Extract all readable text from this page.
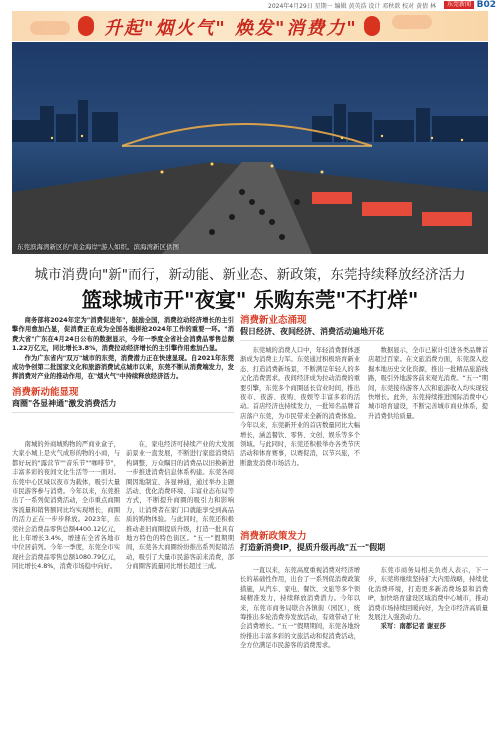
2024年4月29日 星期一 编辑 黄英浩 设计 邓秋歆 校对 黄倩 林	东莞新闻 B02
升起"烟火气" 焕发"消费力"
东莞滨海湾新区的"黄金海岸"游人如织。滨海湾新区供图
城市消费向"新"而行，新动能、新业态、新政策，东莞持续释放经济活力
篮球城市开"夜宴" 乐购东莞"不打烊"

商务部将2024年定为"消费促进年"，鼓励全国，消费拉动经济增长的主引擎作用愈加凸显，促消费正在成为全国各地拼抢2024年工作的重要一环。"消费大省"广东在4月24日公布的数据显示，今年一季度全省社会消费品零售总额1.22万亿元，同比增长3.8%，消费拉动经济增长的主引擎作用愈加凸显。

作为广东省内"双万"城市的东莞，消费潜力正在快速显现。自2021年东莞成功争创第二批国家文化和旅游消费试点城市以来，东莞不断从消费端发力，发挥消费对产业的推动作用，在"烟火气"中持续释放经济活力。

消费新动能显现
商圈"各显神通"激发消费活力

南城的外商城购物的严商业盒子，大家小城上是火气成形的物的小商，与都好玩的"露营节""音乐节""咖啡节"，丰富多彩的夜间文化生活等一一面对。东莞中心区域以夜市为载体，吸引大量市民游客参与消费。今年以来，东莞推出了一系列促消费活动，全市重点商圈客流量和销售额同比均实现增长，商圈的活力正在一步步释放。2023年，东莞社会消费品零售总额4400.12亿元，比上年增长3.4%，增速在全省各地市中位居前列。今年一季度，东莞全市实现社会消费品零售总额1080.79亿元，同比增长4.8%，消费市场稳中向好。

在，家电经济可持续产业的大发展前景业一直发展，不断进行家庭消费结构调整，万众瞩目的消费品以旧换新进一步推进消费信息体系构建。东莞各商圈因地制宜、各显神通，通过举办主题活动、优化消费环境、丰富业态布局等方式，不断提升商圈的吸引力和影响力，让消费者在家门口就能享受到高品质的购物体验。与此同时，东莞还积极推动老旧商圈提质升级，打造一批具有地方特色的特色街区。“五一”假期期间，东莞各大商圈纷纷推出系列促销活动，吸引了大量市民游客前来消费，部分商圈客流量同比增长超过三成。

消费新业态涌现
假日经济、夜间经济、消费活动遍地开花

东莞城的消费人口中，年轻消费群体逐渐成为消费主力军。东莞通过积极培育新业态、打造消费新场景，不断满足年轻人的多元化消费需求。夜间经济成为拉动消费的重要引擎，东莞多个商圈延长营业时间，推出夜市、夜游、夜购、夜娱等丰富多彩的活动。首店经济也持续发力，一批知名品牌首店落户东莞，为市民带来全新的消费体验。今年以来，东莞新开业的首店数量同比大幅增长，涵盖餐饮、零售、文创、娱乐等多个领域。与此同时，东莞还积极举办各类节庆活动和体育赛事，以赛促消，以节兴旅，不断激发消费市场活力。

数据显示，全市已累计引进各类品牌首店超过百家。在文旅消费方面，东莞深入挖掘本地历史文化资源，推出一批精品旅游线路，吸引外地游客前来观光消费。“五一”期间，东莞接待游客人次和旅游收入均实现较快增长。此外，东莞持续推进国际消费中心城市培育建设，不断完善城市商业体系，提升消费供给质量。

消费新政策发力
打造新消费IP，提质升级再战"五一"假期

一直以来，东莞高度重视消费对经济增长的基础性作用，出台了一系列促消费政策措施，从汽车、家电、餐饮、文旅等多个领域精准发力，持续释放消费潜力。今年以来，东莞市商务局联合各镇街（园区），统筹推出多轮消费券发放活动，有效带动了社会消费增长。“五一”假期期间，东莞各地纷纷推出丰富多彩的文旅活动和促消费活动，全方位满足市民游客的消费需求。

东莞市商务局相关负责人表示，下一步，东莞将继续坚持扩大内需战略，持续优化消费环境，打造更多新消费场景和消费IP，加快培育建设区域消费中心城市，推动消费市场持续回暖向好，为全市经济高质量发展注入强劲动力。

采写：南都记者 谢亚莎
